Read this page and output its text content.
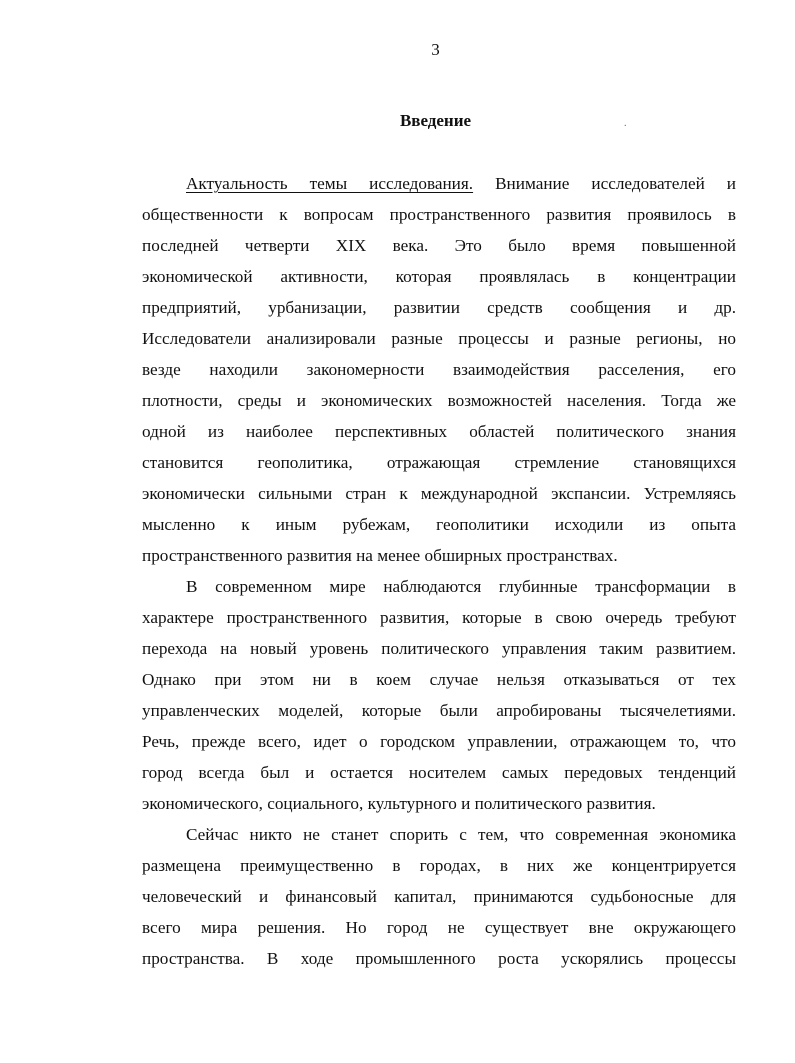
3
Введение	.
Актуальность темы исследования. Внимание исследователей и
общественности к вопросам пространственного развития проявилось в
последней четверти XIX века. Это было время повышенной
экономической активности, которая проявлялась в концентрации
предприятий, урбанизации, развитии средств сообщения и др.
Исследователи анализировали разные процессы и разные регионы, но
везде находили закономерности взаимодействия расселения, его
плотности, среды и экономических возможностей населения. Тогда же
одной из наиболее перспективных областей политического знания
становится геополитика, отражающая стремление становящихся
экономически сильными стран к международной экспансии. Устремляясь
мысленно к иным рубежам, геополитики исходили из опыта
пространственного развития на менее обширных пространствах.
В современном мире наблюдаются глубинные трансформации в
характере пространственного развития, которые в свою очередь требуют
перехода на новый уровень политического управления таким развитием.
Однако при этом ни в коем случае нельзя отказываться от тех
управленческих моделей, которые были апробированы тысячелетиями.
Речь, прежде всего, идет о городском управлении, отражающем то, что
город всегда был и остается носителем самых передовых тенденций
экономического, социального, культурного и политического развития.
Сейчас никто не станет спорить с тем, что современная экономика
размещена преимущественно в городах, в них же концентрируется
человеческий и финансовый капитал, принимаются судьбоносные для
всего мира решения. Но город не существует вне окружающего
пространства. В ходе промышленного роста ускорялись процессы
